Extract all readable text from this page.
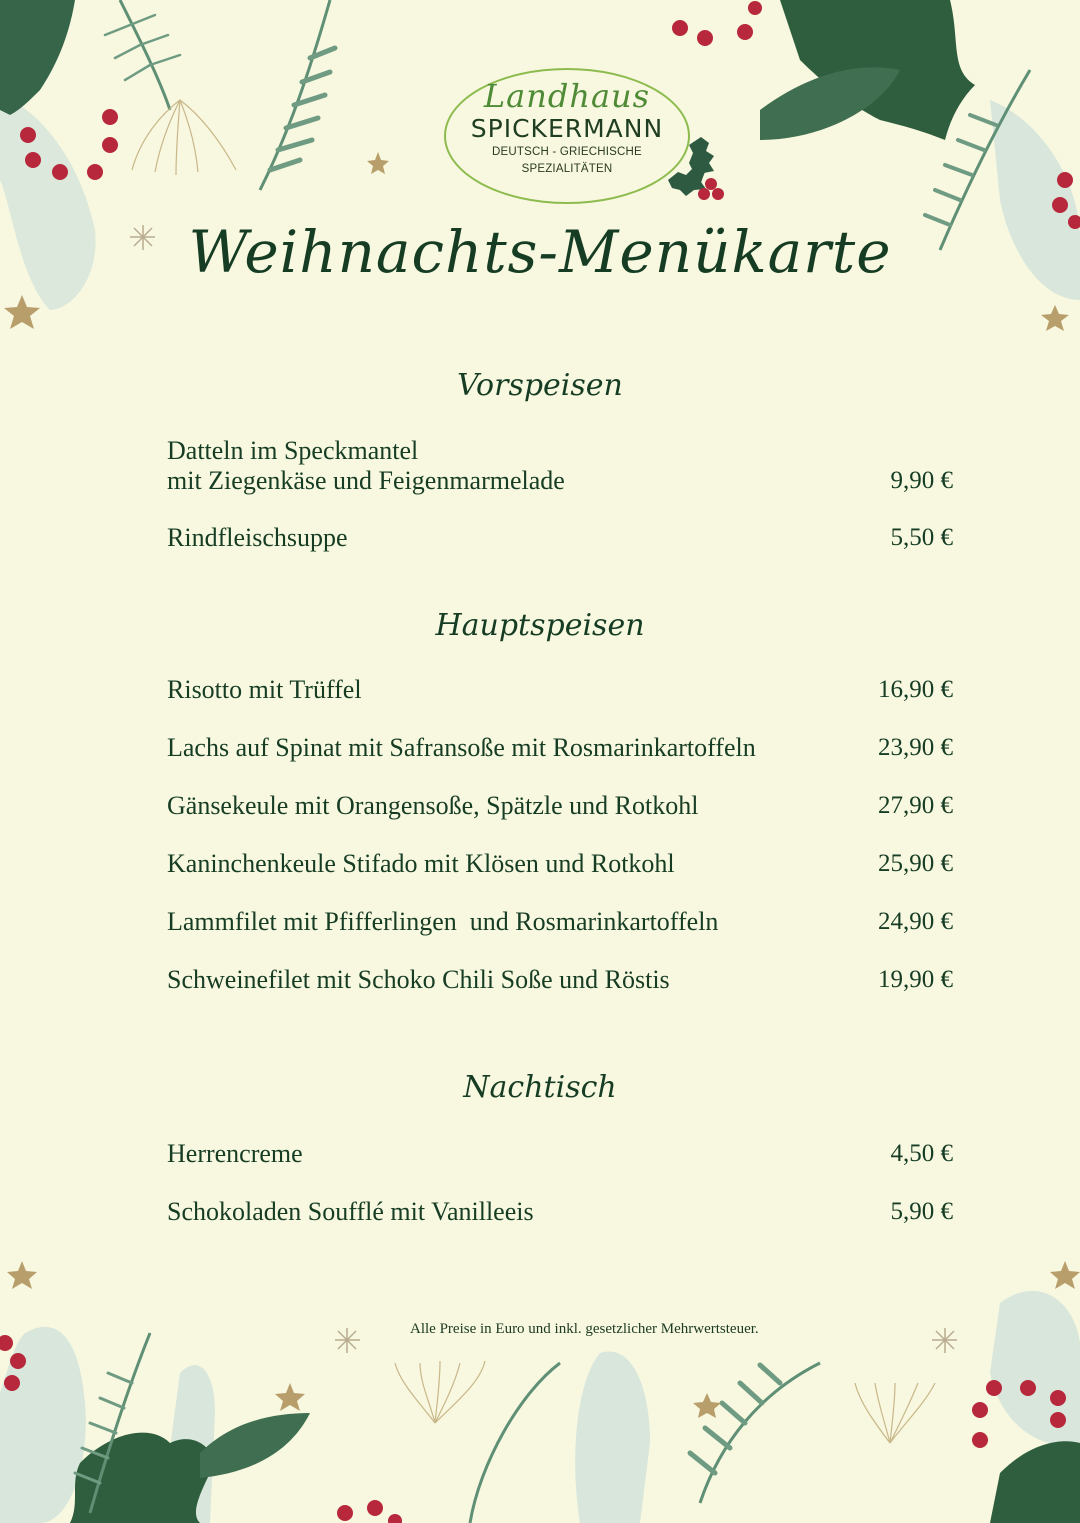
Landhaus
SPICKERMANN
DEUTSCH - GRIECHISCHE
SPEZIALITÄTEN
Weihnachts-Menükarte
Vorspeisen
Datteln im Speckmantel
mit Ziegenkäse und Feigenmarmelade	9,90 €
Rindfleischsuppe	5,50 €
Hauptspeisen
Risotto mit Trüffel	16,90 €
Lachs auf Spinat mit Safransoße mit Rosmarinkartoffeln	23,90 €
Gänsekeule mit Orangensoße, Spätzle und Rotkohl	27,90 €
Kaninchenkeule Stifado mit Klösen und Rotkohl	25,90 €
Lammfilet mit Pfifferlingen  und Rosmarinkartoffeln	24,90 €
Schweinefilet mit Schoko Chili Soße und Röstis	19,90 €
Nachtisch
Herrencreme	4,50 €
Schokoladen Soufflé mit Vanilleeis	5,90 €
Alle Preise in Euro und inkl. gesetzlicher Mehrwertsteuer.
